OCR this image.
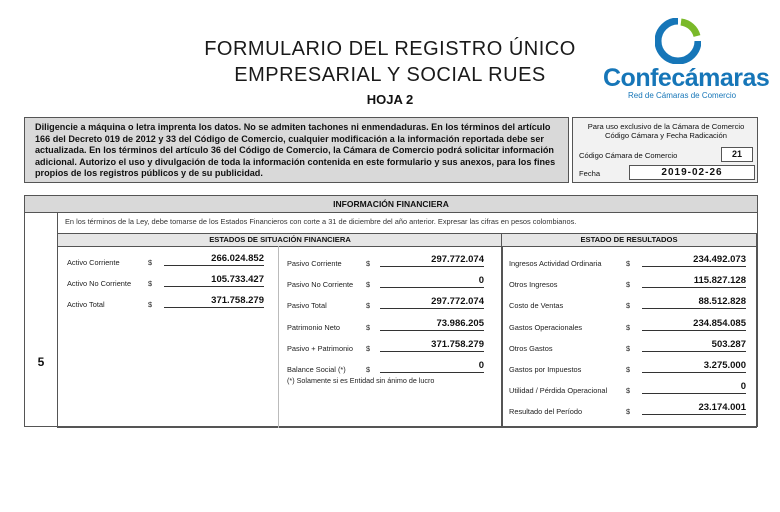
FORMULARIO DEL REGISTRO ÚNICO
EMPRESARIAL Y SOCIAL RUES
HOJA 2
Confecámaras
Red de Cámaras de Comercio
Diligencie a máquina o letra imprenta los datos. No se admiten tachones ni enmendaduras. En los términos del artículo 166 del Decreto 019 de 2012 y 33 del Código de Comercio, cualquier modificación a la información reportada debe ser actualizada. En los términos del artículo 36 del Código de Comercio, la Cámara de Comercio podrá solicitar información adicional. Autorizo el uso y divulgación de toda la información contenida en este formulario y sus anexos, para los fines propios de los registros públicos y de su publicidad.
Para uso exclusivo de la Cámara de Comercio
Código Cámara y Fecha Radicación
Código Cámara de Comercio	21
Fecha	2019-02-26
INFORMACIÓN FINANCIERA
5
En los términos de la Ley, debe tomarse de los Estados Financieros con corte a 31 de diciembre del año anterior. Expresar las cifras en pesos colombianos.
ESTADOS DE SITUACIÓN FINANCIERA
Activo Corriente	$	266.024.852
Activo No Corriente $	105.733.427
Activo Total	$	371.758.279
Pasivo Corriente	$	297.772.074
Pasivo No Corriente $	0
Pasivo Total	$	297.772.074
Patrimonio Neto	$	73.986.205
Pasivo + Patrimonio $	371.758.279
Balance Social (*)	$	0
(*) Solamente si es Entidad sin ánimo de lucro
ESTADO DE RESULTADOS
Ingresos Actividad Ordinaria	$	234.492.073
Otros Ingresos	$	115.827.128
Costo de Ventas	$	88.512.828
Gastos Operacionales	$	234.854.085
Otros Gastos	$	503.287
Gastos por Impuestos	$	3.275.000
Utilidad / Pérdida Operacional	$	0
Resultado del Período	$	23.174.001
